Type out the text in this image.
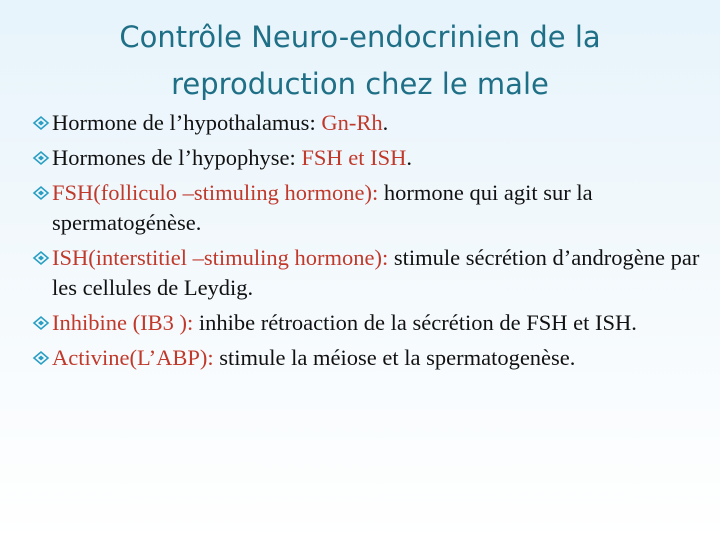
Contrôle Neuro-endocrinien de la
reproduction chez le male
Hormone de l’hypothalamus: Gn-Rh.
Hormones de l’hypophyse: FSH et ISH.
FSH(folliculo –stimuling hormone): hormone qui agit sur la spermatogénèse.
ISH(interstitiel –stimuling hormone): stimule sécrétion d’androgène par les cellules de Leydig.
Inhibine (IB3 ): inhibe rétroaction de la sécrétion de FSH et ISH.
Activine(L’ABP): stimule la méiose et la spermatogenèse.
